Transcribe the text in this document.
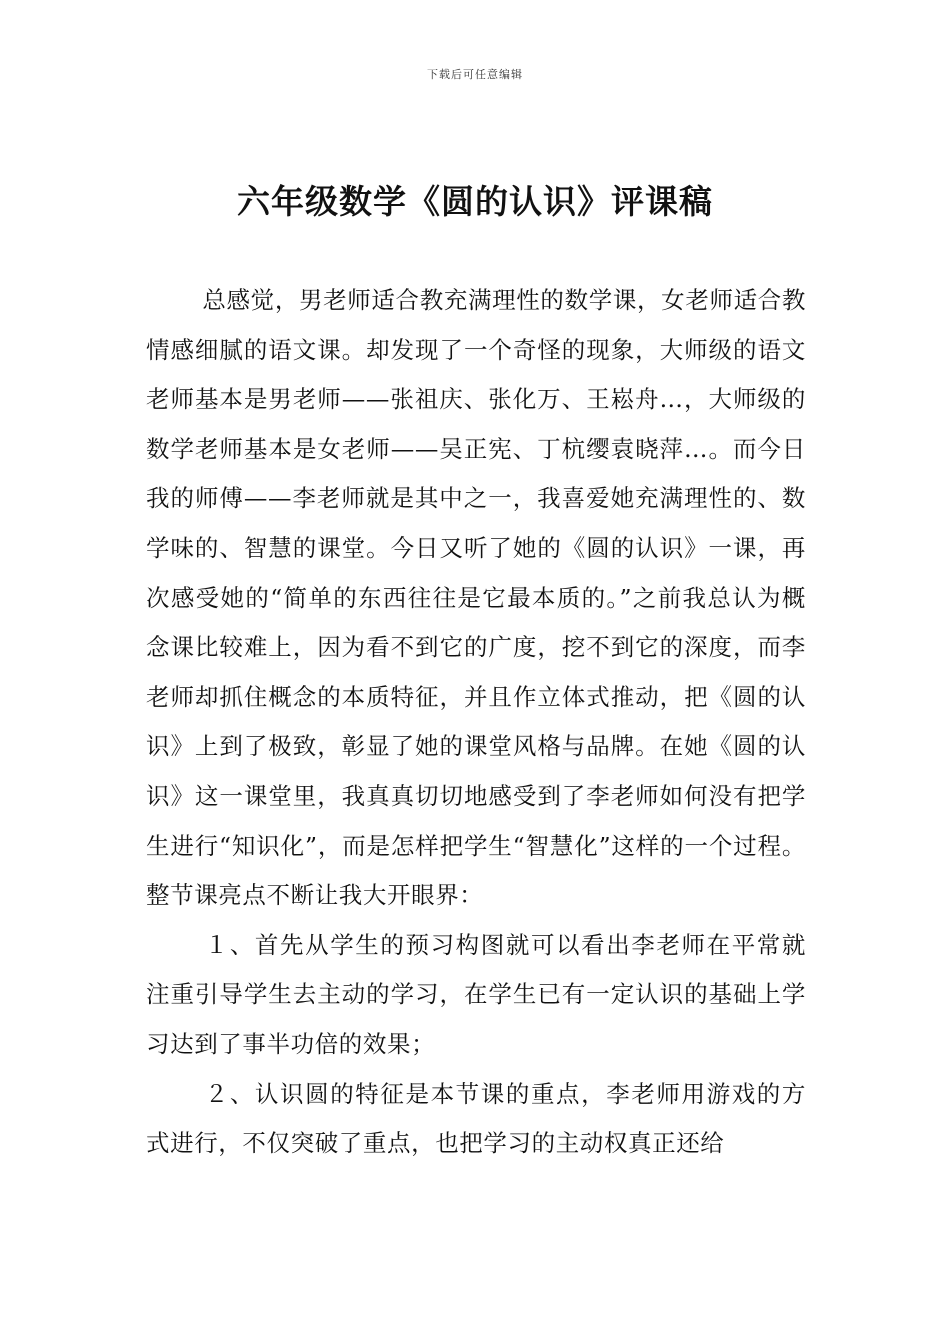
下载后可任意编辑
六年级数学《圆的认识》评课稿

总感觉，男老师适合教充满理性的数学课，女老师适合教情感细腻的语文课。却发现了一个奇怪的现象，大师级的语文老师基本是男老师——张祖庆、张化万、王崧舟…，大师级的数学老师基本是女老师——吴正宪、丁杭缨袁晓萍…。而今日我的师傅——李老师就是其中之一，我喜爱她充满理性的、数学味的、智慧的课堂。今日又听了她的《圆的认识》一课，再次感受她的“简单的东西往往是它最本质的。”之前我总认为概念课比较难上，因为看不到它的广度，挖不到它的深度，而李老师却抓住概念的本质特征，并且作立体式推动，把《圆的认识》上到了极致，彰显了她的课堂风格与品牌。在她《圆的认识》这一课堂里，我真真切切地感受到了李老师如何没有把学生进行“知识化”，而是怎样把学生“智慧化”这样的一个过程。整节课亮点不断让我大开眼界：

１、首先从学生的预习构图就可以看出李老师在平常就注重引导学生去主动的学习，在学生已有一定认识的基础上学习达到了事半功倍的效果；

２、认识圆的特征是本节课的重点，李老师用游戏的方式进行，不仅突破了重点，也把学习的主动权真正还给
